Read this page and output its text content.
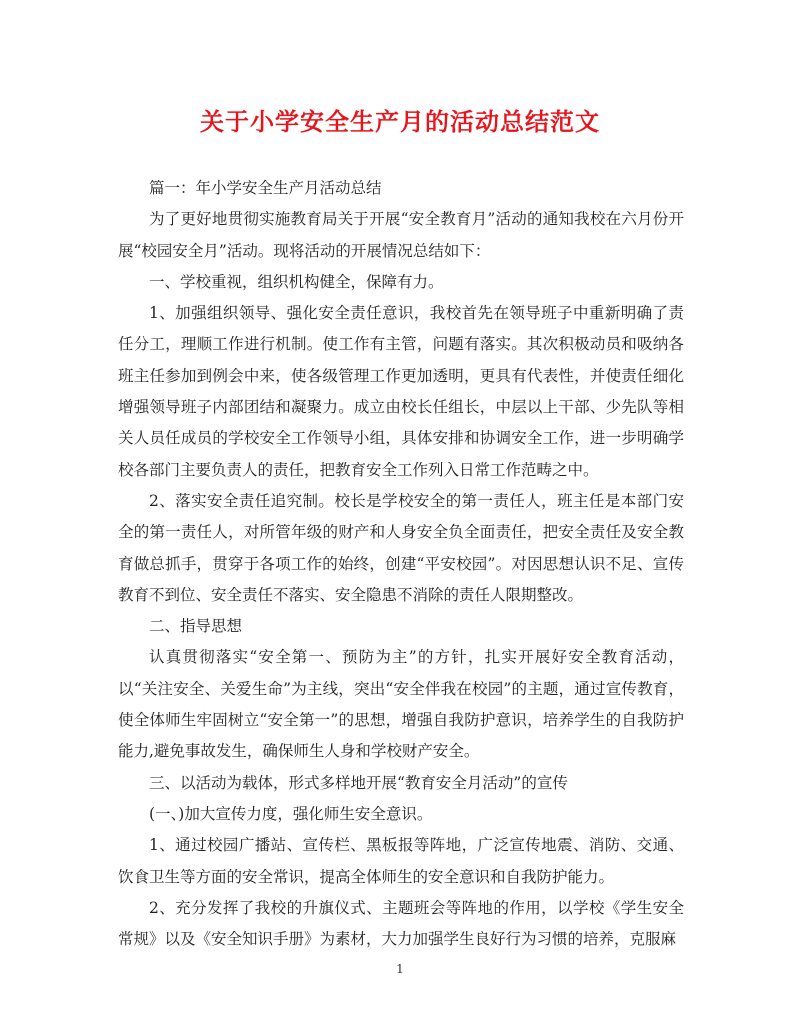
关于小学安全生产月的活动总结范文

篇一：年小学安全生产月活动总结

为了更好地贯彻实施教育局关于开展“安全教育月”活动的通知我校在六月份开展“校园安全月”活动。现将活动的开展情况总结如下：

一、学校重视，组织机构健全，保障有力。

1、加强组织领导、强化安全责任意识，我校首先在领导班子中重新明确了责任分工，理顺工作进行机制。使工作有主管，问题有落实。其次积极动员和吸纳各班主任参加到例会中来，使各级管理工作更加透明，更具有代表性，并使责任细化增强领导班子内部团结和凝聚力。成立由校长任组长，中层以上干部、少先队等相关人员任成员的学校安全工作领导小组，具体安排和协调安全工作，进一步明确学校各部门主要负责人的责任，把教育安全工作列入日常工作范畴之中。

2、落实安全责任追究制。校长是学校安全的第一责任人，班主任是本部门安全的第一责任人，对所管年级的财产和人身安全负全面责任，把安全责任及安全教育做总抓手，贯穿于各项工作的始终，创建“平安校园”。对因思想认识不足、宣传教育不到位、安全责任不落实、安全隐患不消除的责任人限期整改。

二、指导思想

认真贯彻落实“安全第一、预防为主”的方针，扎实开展好安全教育活动，以“关注安全、关爱生命”为主线，突出“安全伴我在校园”的主题，通过宣传教育，使全体师生牢固树立“安全第一”的思想，增强自我防护意识，培养学生的自我防护能力,避免事故发生，确保师生人身和学校财产安全。

三、以活动为载体，形式多样地开展“教育安全月活动”的宣传

(一、)加大宣传力度，强化师生安全意识。

1、通过校园广播站、宣传栏、黑板报等阵地，广泛宣传地震、消防、交通、饮食卫生等方面的安全常识，提高全体师生的安全意识和自我防护能力。

2、充分发挥了我校的升旗仪式、主题班会等阵地的作用，以学校《学生安全常规》以及《安全知识手册》为素材，大力加强学生良好行为习惯的培养，克服麻

1
